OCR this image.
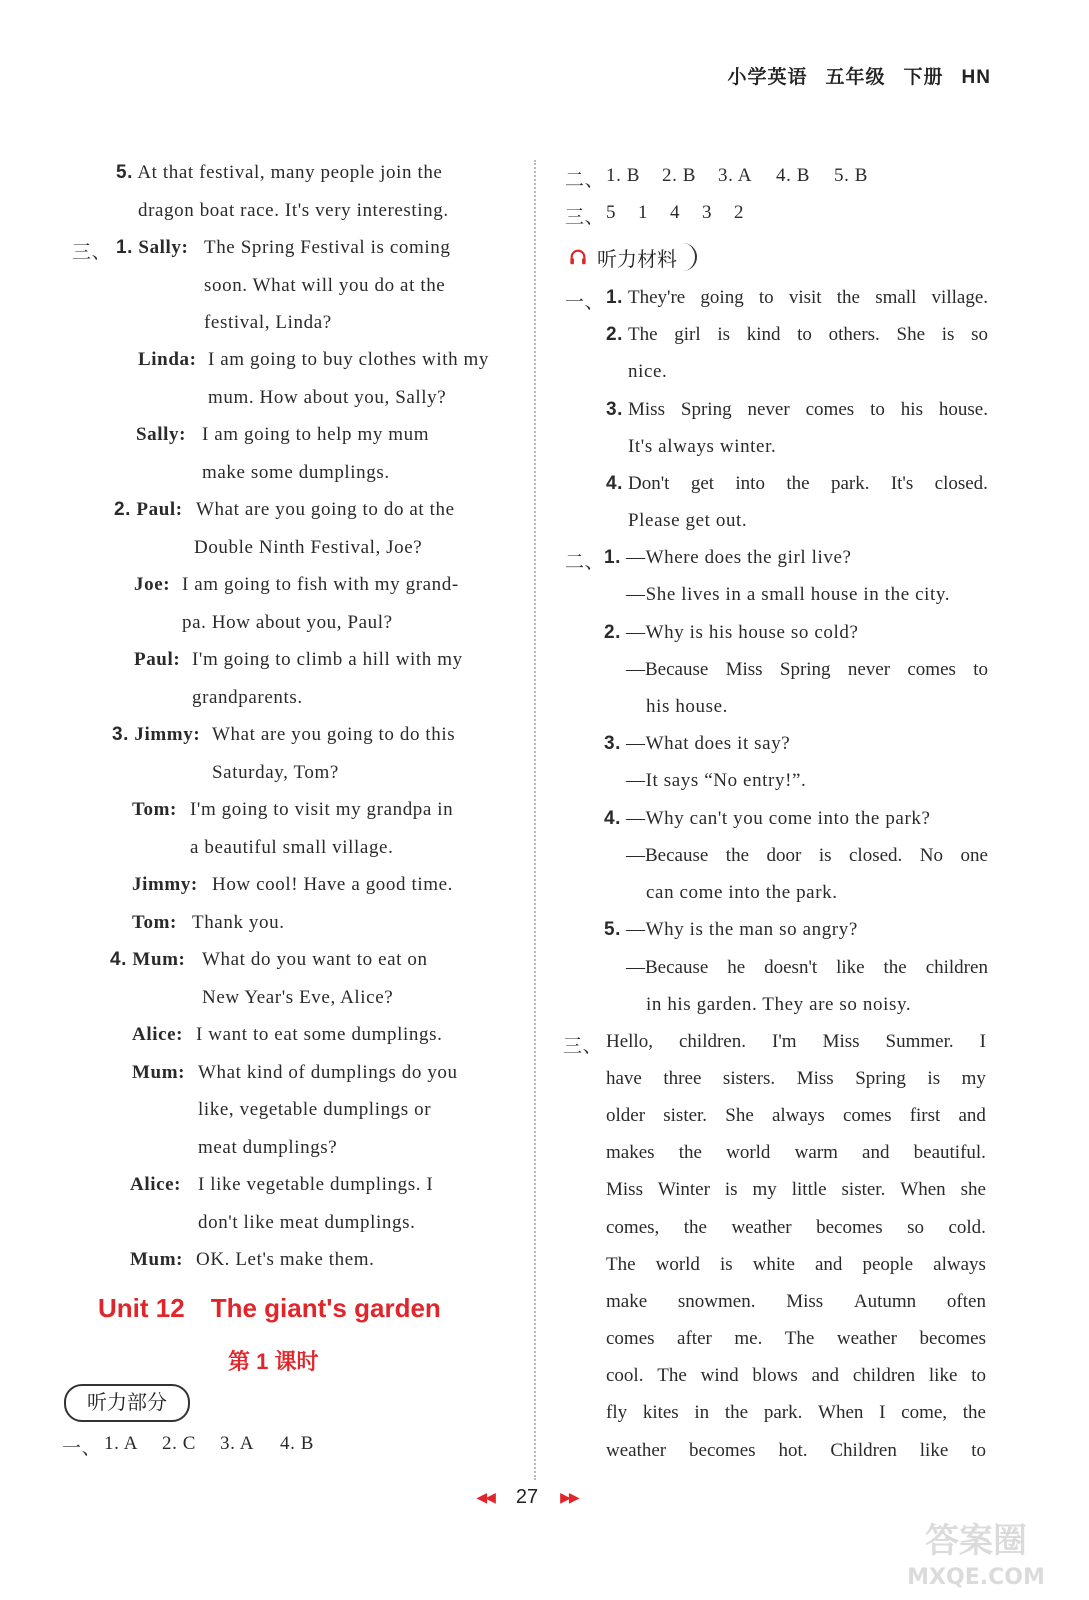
小学英语 五年级 下册 HN
5. At that festival, many people join the
dragon boat race. It's very interesting.
三、 1. Sally: The Spring Festival is coming
soon. What will you do at the
festival, Linda?
Linda: I am going to buy clothes with my
mum. How about you, Sally?
Sally: I am going to help my mum
make some dumplings.
2. Paul: What are you going to do at the
Double Ninth Festival, Joe?
Joe: I am going to fish with my grand-
pa. How about you, Paul?
Paul: I'm going to climb a hill with my
grandparents.
3. Jimmy: What are you going to do this
Saturday, Tom?
Tom: I'm going to visit my grandpa in
a beautiful small village.
Jimmy: How cool! Have a good time.
Tom: Thank you.
4. Mum: What do you want to eat on
New Year's Eve, Alice?
Alice: I want to eat some dumplings.
Mum: What kind of dumplings do you
like, vegetable dumplings or
meat dumplings?
Alice: I like vegetable dumplings. I
don't like meat dumplings.
Mum: OK. Let's make them.
Unit 12 The giant's garden
第 1 课时
听力部分
一、 1. A 2. C 3. A 4. B
二、 1. B 2. B 3. A 4. B 5. B
三、 5 1 4 3 2
听力材料
一、 1. They're going to visit the small village.
2. The girl is kind to others. She is so
nice.
3. Miss Spring never comes to his house.
It's always winter.
4. Don't get into the park. It's closed.
Please get out.
二、 1. —Where does the girl live?
—She lives in a small house in the city.
2. —Why is his house so cold?
—Because Miss Spring never comes to
his house.
3. —What does it say?
—It says “No entry!”.
4. —Why can't you come into the park?
—Because the door is closed. No one
can come into the park.
5. —Why is the man so angry?
—Because he doesn't like the children
in his garden. They are so noisy.
三、 Hello, children. I'm Miss Summer. I
have three sisters. Miss Spring is my
older sister. She always comes first and
makes the world warm and beautiful.
Miss Winter is my little sister. When she
comes, the weather becomes so cold.
The world is white and people always
make snowmen. Miss Autumn often
comes after me. The weather becomes
cool. The wind blows and children like to
fly kites in the park. When I come, the
weather becomes hot. Children like to
◀◀ 27 ▶▶
答案圈
MXQE.COM
